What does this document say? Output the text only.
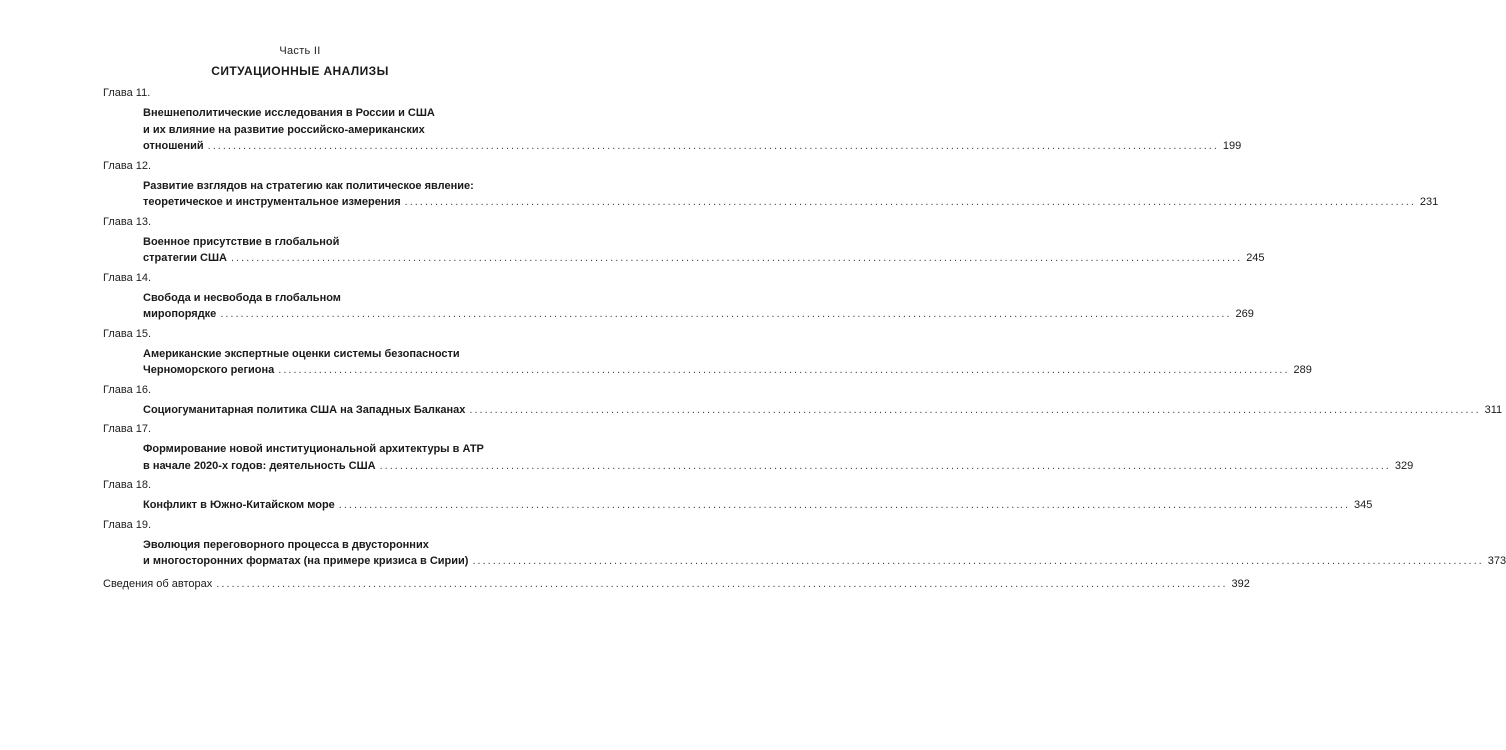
Часть II
СИТУАЦИОННЫЕ АНАЛИЗЫ
Глава 11.
Внешнеполитические исследования в России и США
и их влияние на развитие российско-американских
отношений ........................................................................................................................................................................................................ 199
Глава 12.
Развитие взглядов на стратегию как политическое явление:
теоретическое и инструментальное измерения ........................................................................................................................................................................................................ 231
Глава 13.
Военное присутствие в глобальной
стратегии США ........................................................................................................................................................................................................ 245
Глава 14.
Свобода и несвобода в глобальном
миропорядке ........................................................................................................................................................................................................ 269
Глава 15.
Американские экспертные оценки системы безопасности
Черноморского региона ........................................................................................................................................................................................................ 289
Глава 16.
Социогуманитарная политика США на Западных Балканах ........................................................................................................................................................................................................ 311
Глава 17.
Формирование новой институциональной архитектуры в АТР
в начале 2020-х годов: деятельность США ........................................................................................................................................................................................................ 329
Глава 18.
Конфликт в Южно-Китайском море ........................................................................................................................................................................................................ 345
Глава 19.
Эволюция переговорного процесса в двусторонних
и многосторонних форматах (на примере кризиса в Сирии) ........................................................................................................................................................................................................ 373
Сведения об авторах ........................................................................................................................................................................................................ 392
